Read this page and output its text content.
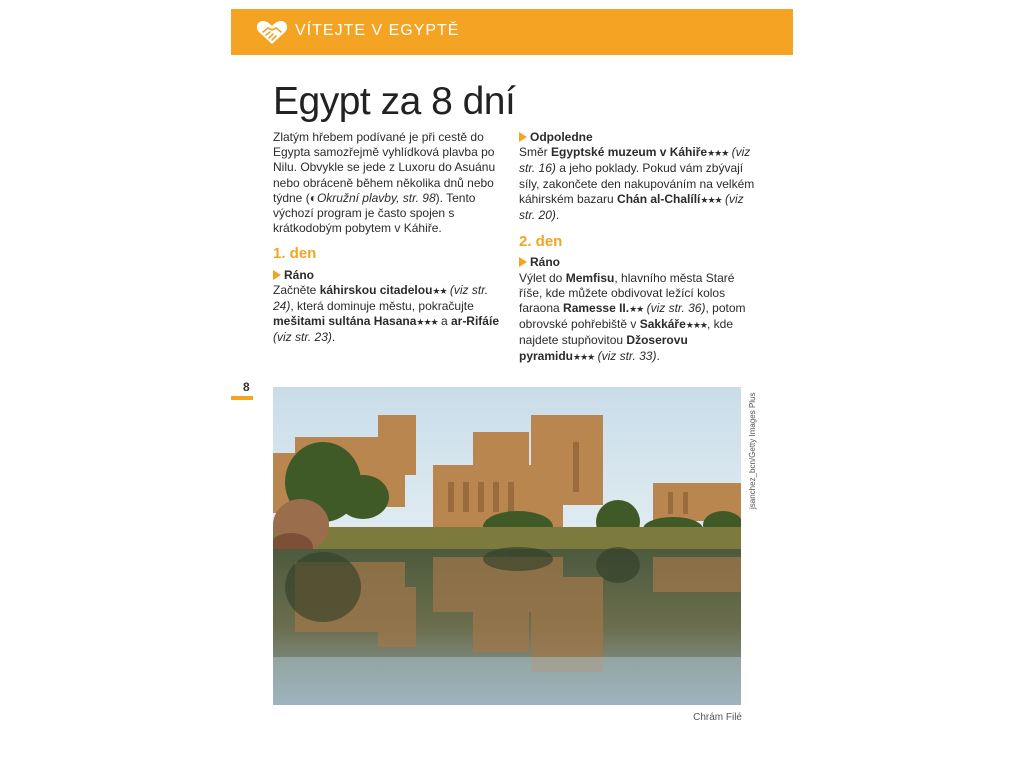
VÍTEJTE V EGYPTĚ
Egypt za 8 dní

Zlatým hřebem podívané je při cestě do Egypta samozřejmě vyhlídková plavba po Nilu. Obvykle se jede z Luxoru do Asuánu nebo obráceně během několika dnů nebo týdne (◐Okružní plavby, str. 98). Tento výchozí program je často spojen s krátkodobým pobytem v Káhiře.

1. den
Ráno

Začněte káhirskou citadelou★★ (viz str. 24), která dominuje městu, pokračujte mešitami sultána Hasana★★★ a ar-Rifáíe (viz str. 23).

Odpoledne

Směr Egyptské muzeum v Káhiře★★★ (viz str. 16) a jeho poklady. Pokud vám zbývají síly, zakončete den nakupováním na velkém káhirském bazaru Chán al-Chalílí★★★ (viz str. 20).

2. den
Ráno

Výlet do Memfisu, hlavního města Staré říše, kde můžete obdivovat ležící kolos faraona Ramesse II.★★ (viz str. 36), potom obrovské pohřebiště v Sakkáře★★★, kde najdete stupňovitou Džoserovu pyramidu★★★ (viz str. 33).

8
jsanchez_bcn/Getty Images Plus
Chrám Filé
